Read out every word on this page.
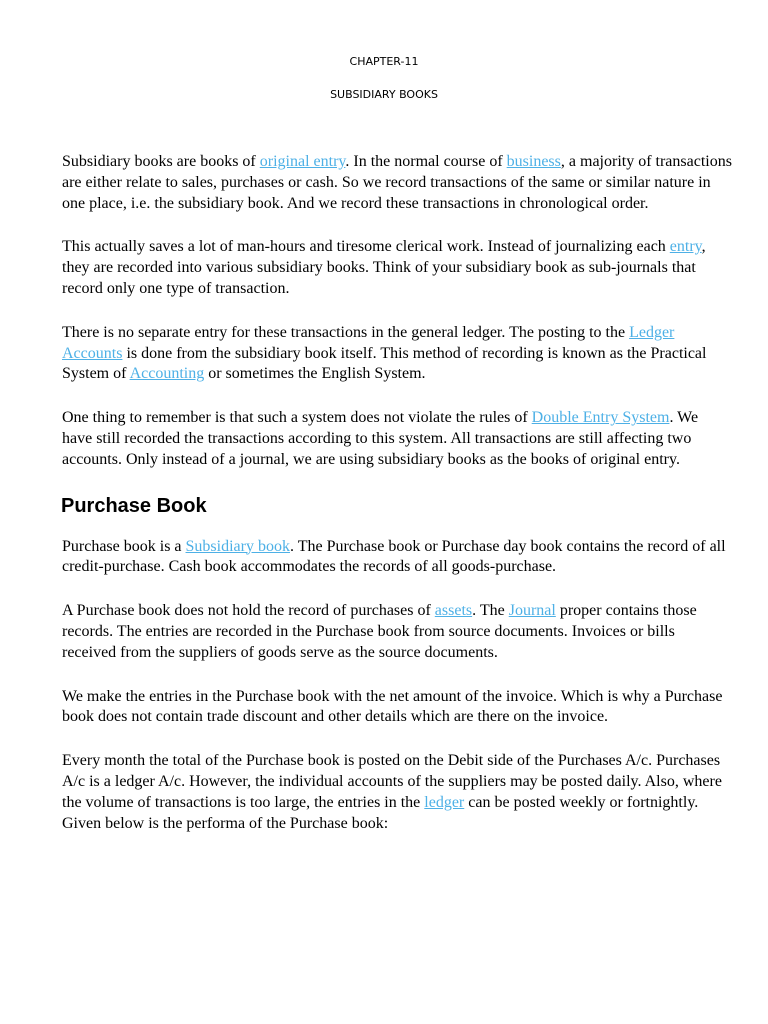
CHAPTER-11

SUBSIDIARY BOOKS

Subsidiary books are books of original entry. In the normal course of business, a majority of transactions are either relate to sales, purchases or cash. So we record transactions of the same or similar nature in one place, i.e. the subsidiary book. And we record these transactions in chronological order.

This actually saves a lot of man-hours and tiresome clerical work. Instead of journalizing each entry, they are recorded into various subsidiary books. Think of your subsidiary book as sub-journals that record only one type of transaction.

There is no separate entry for these transactions in the general ledger. The posting to the Ledger Accounts is done from the subsidiary book itself. This method of recording is known as the Practical System of Accounting or sometimes the English System.

One thing to remember is that such a system does not violate the rules of Double Entry System. We have still recorded the transactions according to this system. All transactions are still affecting two accounts. Only instead of a journal, we are using subsidiary books as the books of original entry.

Purchase Book

Purchase book is a Subsidiary book. The Purchase book or Purchase day book contains the record of all credit-purchase. Cash book accommodates the records of all goods-purchase.

A Purchase book does not hold the record of purchases of assets. The Journal proper contains those records. The entries are recorded in the Purchase book from source documents. Invoices or bills received from the suppliers of goods serve as the source documents.

We make the entries in the Purchase book with the net amount of the invoice. Which is why a Purchase book does not contain trade discount and other details which are there on the invoice.

Every month the total of the Purchase book is posted on the Debit side of the Purchases A/c. Purchases A/c is a ledger A/c. However, the individual accounts of the suppliers may be posted daily. Also, where the volume of transactions is too large, the entries in the ledger can be posted weekly or fortnightly. Given below is the performa of the Purchase book:
